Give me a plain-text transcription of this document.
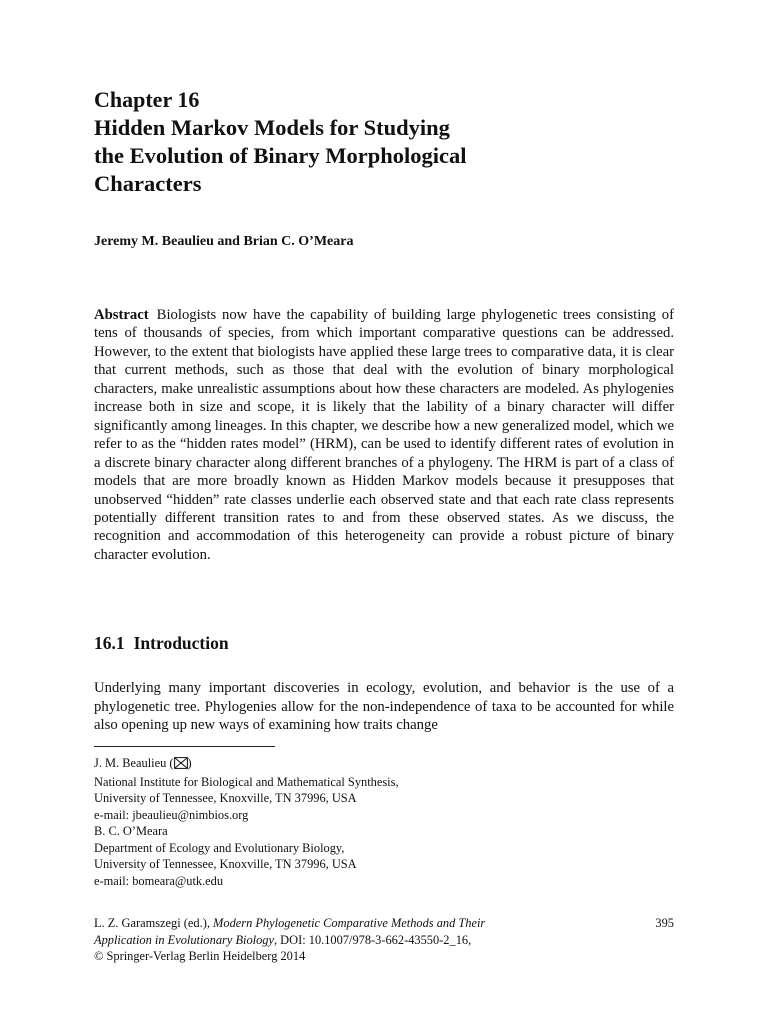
Chapter 16
Hidden Markov Models for Studying
the Evolution of Binary Morphological
Characters

Jeremy M. Beaulieu and Brian C. O’Meara

Abstract Biologists now have the capability of building large phylogenetic trees consisting of tens of thousands of species, from which important comparative questions can be addressed. However, to the extent that biologists have applied these large trees to comparative data, it is clear that current methods, such as those that deal with the evolution of binary morphological characters, make unrealistic assumptions about how these characters are modeled. As phylogenies increase both in size and scope, it is likely that the lability of a binary character will differ significantly among lineages. In this chapter, we describe how a new generalized model, which we refer to as the “hidden rates model” (HRM), can be used to identify different rates of evolution in a discrete binary character along different branches of a phylogeny. The HRM is part of a class of models that are more broadly known as Hidden Markov models because it presupposes that unobserved “hidden” rate classes underlie each observed state and that each rate class represents potentially different transition rates to and from these observed states. As we discuss, the recognition and accommodation of this heterogeneity can provide a robust picture of binary character evolution.

16.1 Introduction

Underlying many important discoveries in ecology, evolution, and behavior is the use of a phylogenetic tree. Phylogenies allow for the non-independence of taxa to be accounted for while also opening up new ways of examining how traits change

J. M. Beaulieu ( )
National Institute for Biological and Mathematical Synthesis,
University of Tennessee, Knoxville, TN 37996, USA
e-mail: jbeaulieu@nimbios.org
B. C. O’Meara
Department of Ecology and Evolutionary Biology,
University of Tennessee, Knoxville, TN 37996, USA
e-mail: bomeara@utk.edu
L. Z. Garamszegi (ed.), Modern Phylogenetic Comparative Methods and Their
Application in Evolutionary Biology, DOI: 10.1007/978-3-662-43550-2_16,
© Springer-Verlag Berlin Heidelberg 2014
395
